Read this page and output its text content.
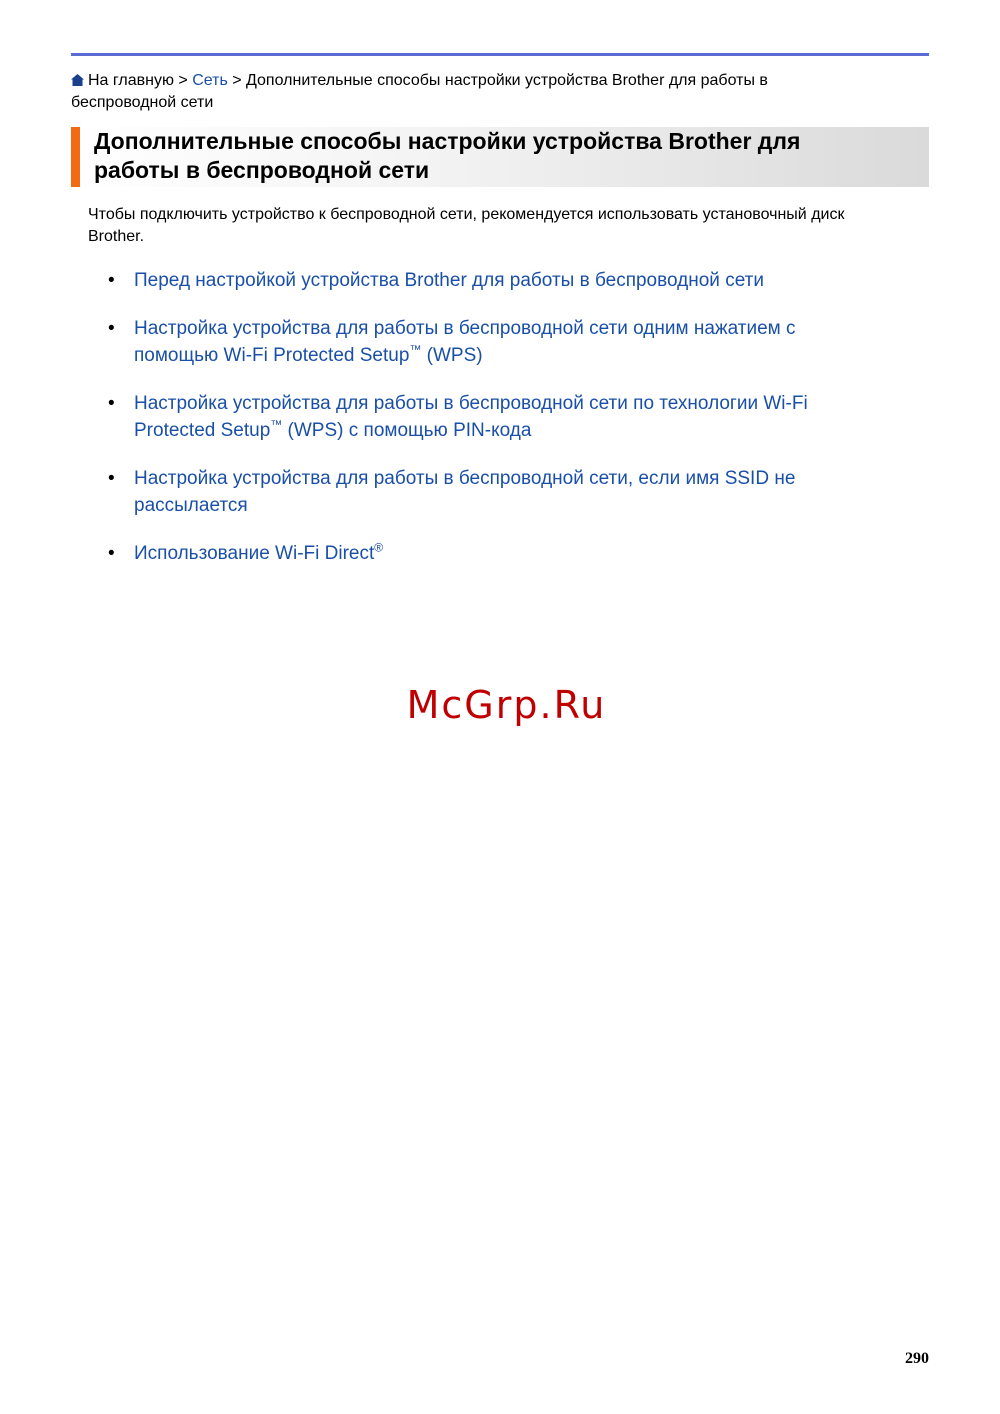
На главную > Сеть > Дополнительные способы настройки устройства Brother для работы в
беспроводной сети
Дополнительные способы настройки устройства Brother для
работы в беспроводной сети
Чтобы подключить устройство к беспроводной сети, рекомендуется использовать установочный диск
Brother.
• Перед настройкой устройства Brother для работы в беспроводной сети
• Настройка устройства для работы в беспроводной сети одним нажатием с
помощью Wi-Fi Protected Setup™ (WPS)
• Настройка устройства для работы в беспроводной сети по технологии Wi-Fi
Protected Setup™ (WPS) с помощью PIN-кода
• Настройка устройства для работы в беспроводной сети, если имя SSID не
рассылается
• Использование Wi-Fi Direct®
McGrp.Ru
290
